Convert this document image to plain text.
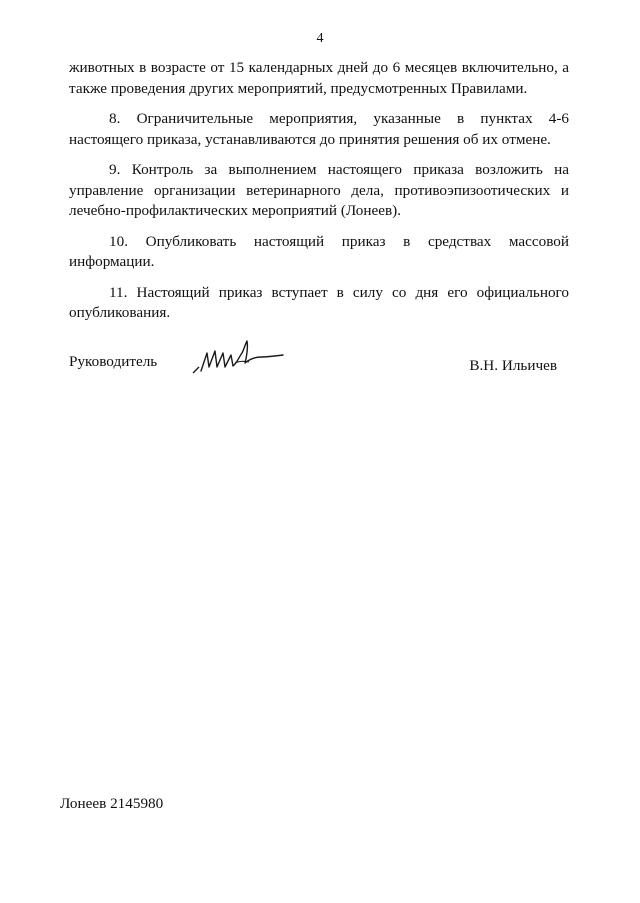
4

животных в возрасте от 15 календарных дней до 6 месяцев включительно, а также проведения других мероприятий, предусмотренных Правилами.

8. Ограничительные мероприятия, указанные в пунктах 4-6 настоящего приказа, устанавливаются до принятия решения об их отмене.

9. Контроль за выполнением настоящего приказа возложить на управление организации ветеринарного дела, противоэпизоотических и лечебно-профилактических мероприятий (Лонеев).

10. Опубликовать настоящий приказ в средствах массовой информации.

11. Настоящий приказ вступает в силу со дня его официального опубликования.

Руководитель	В.Н. Ильичев
Лонеев 2145980
